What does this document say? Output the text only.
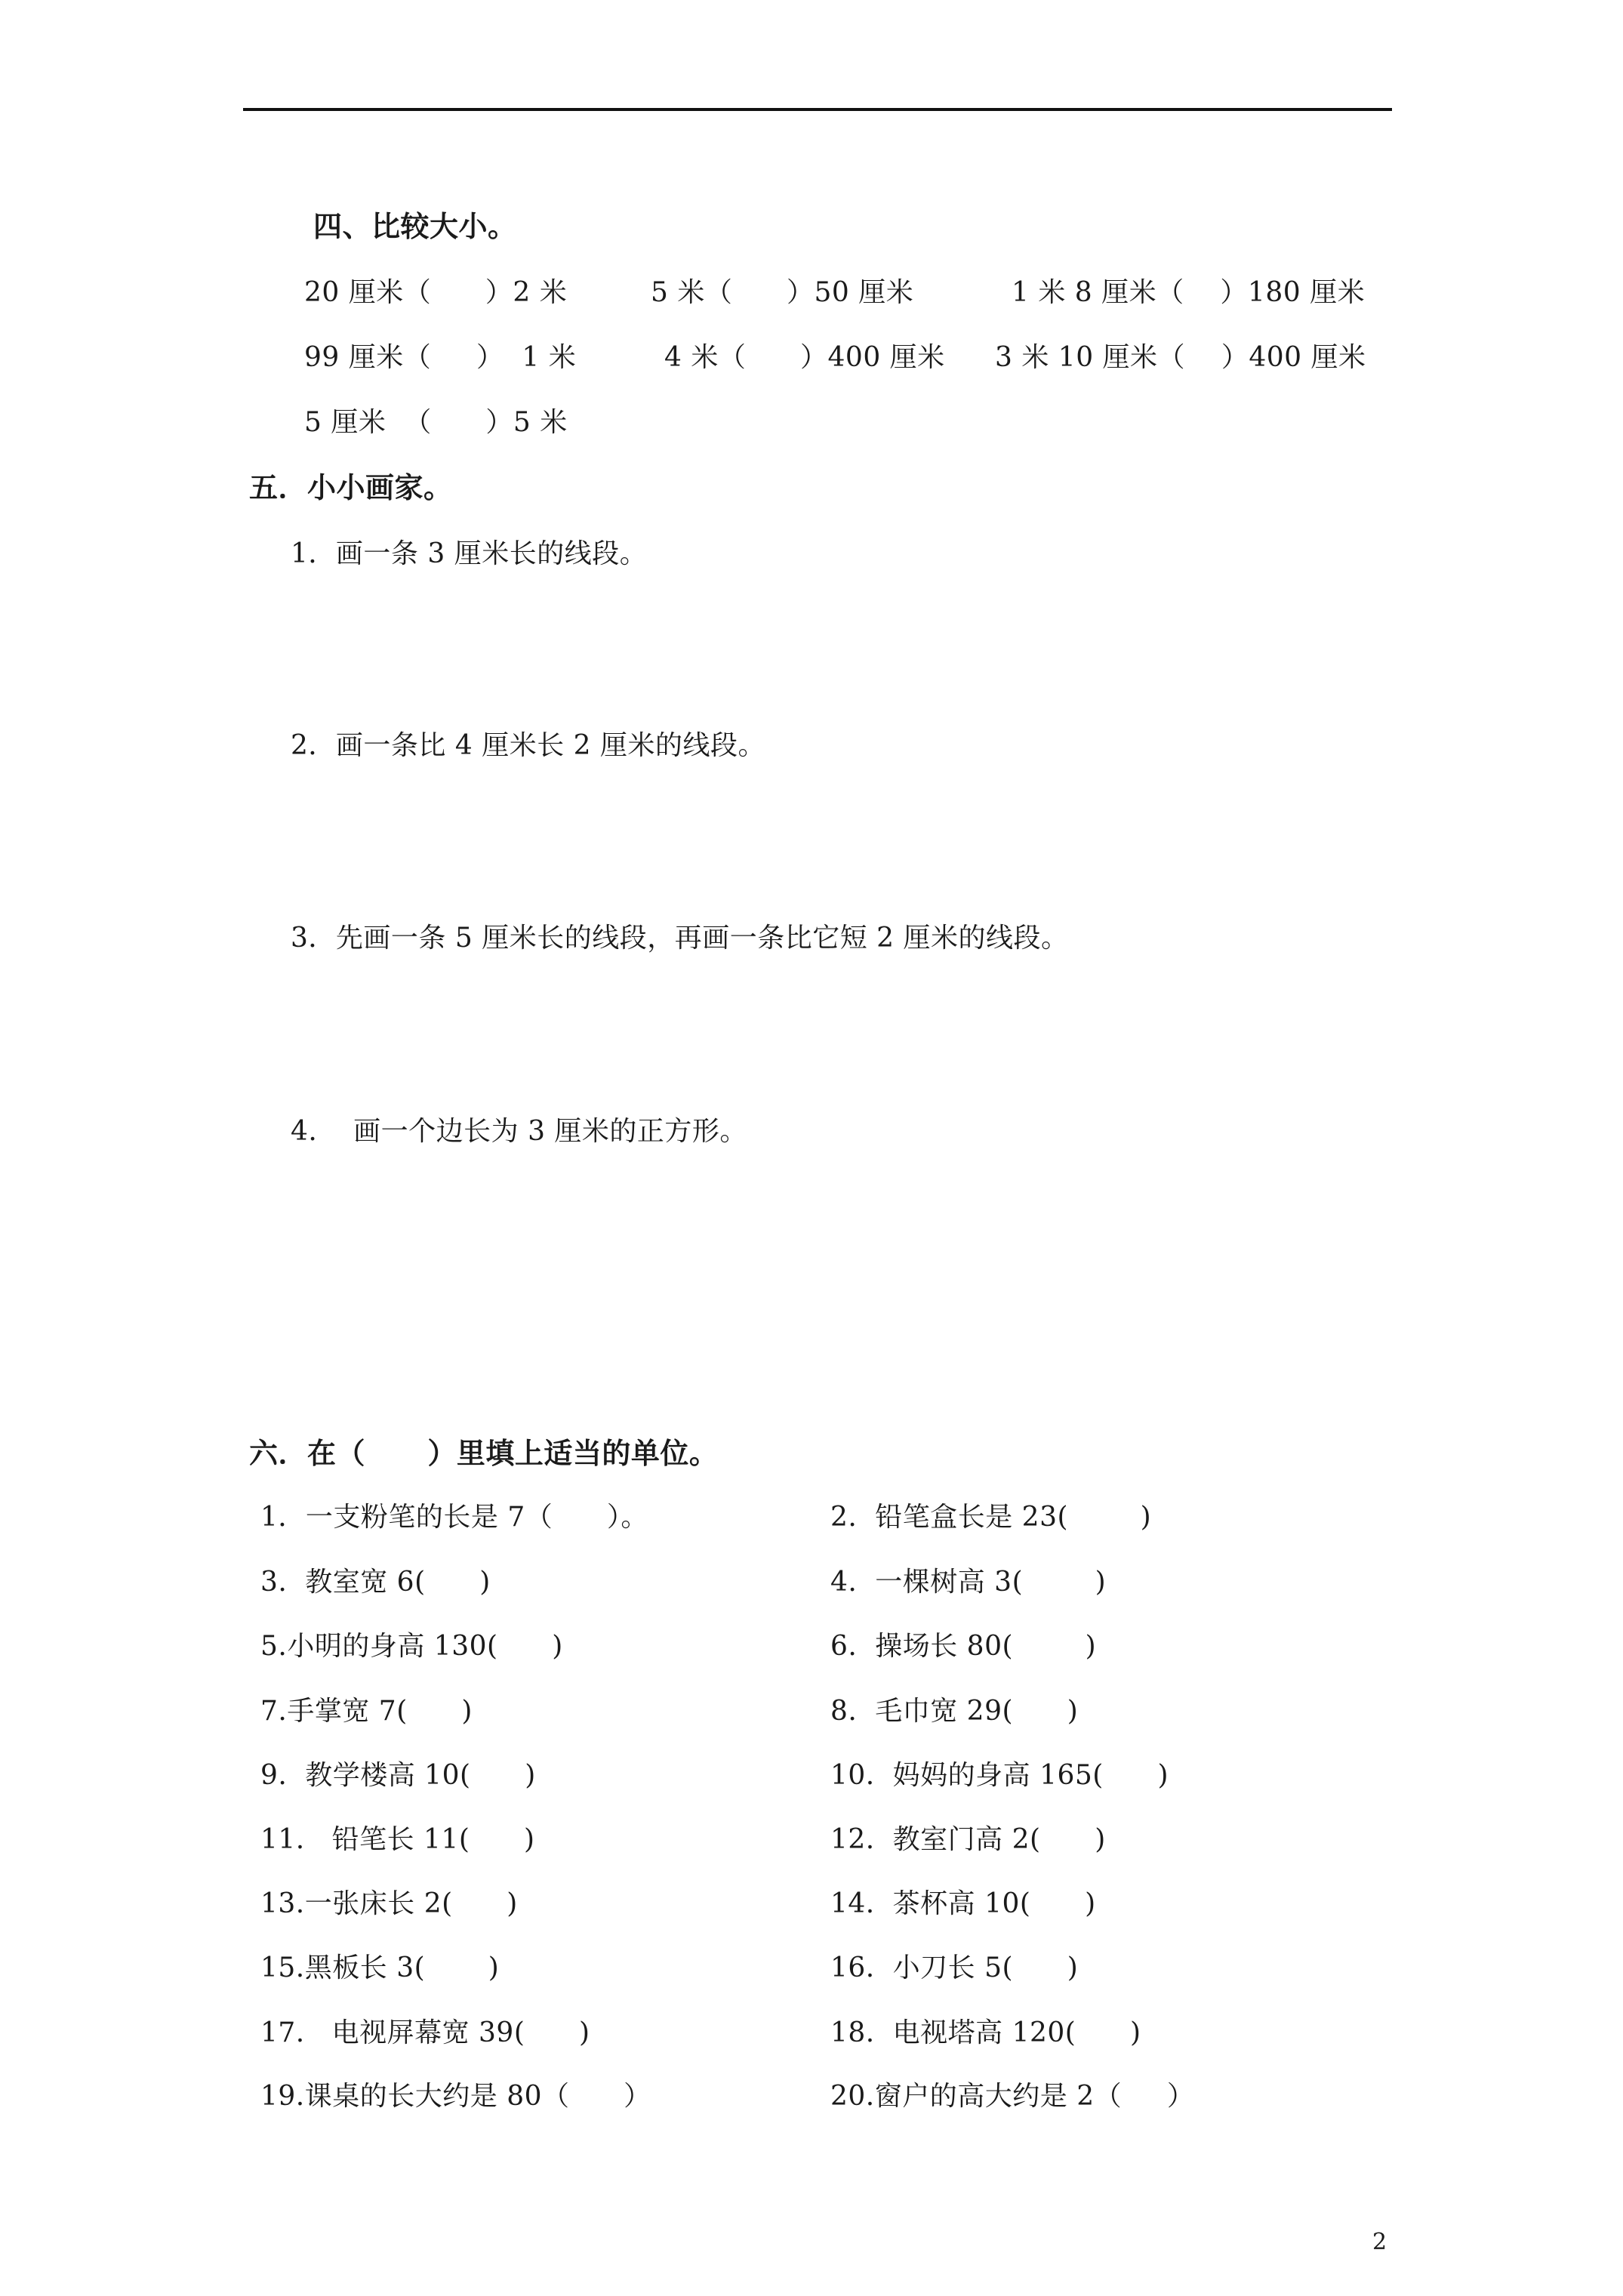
四、比较大小。
20 厘米（      ）2 米	5 米（      ）50 厘米	1 米 8 厘米（    ）180 厘米
99 厘米（     ）  1 米	4 米（      ）400 厘米 3 米 10 厘米（    ）400 厘米
5 厘米  （      ）5 米
五．小小画家。
1．画一条 3 厘米长的线段。
2．画一条比 4 厘米长 2 厘米的线段。
3．先画一条 5 厘米长的线段，再画一条比它短 2 厘米的线段。
4.    画一个边长为 3 厘米的正方形。
六．在（      ）里填上适当的单位。
1．一支粉笔的长是 7（      ）。
3.  教室宽 6(      )
5.小明的身高 130(      )
7.手掌宽 7(      )
9.  教学楼高 10(      )
11.   铅笔长 11(      )
13.一张床长 2(      )
15.黑板长 3(       )
17.   电视屏幕宽 39(      )
19.课桌的长大约是 80（      ）
2.  铅笔盒长是 23(        )
4.  一棵树高 3(        )
6.  操场长 80(        )
8.  毛巾宽 29(      )
10.  妈妈的身高 165(      )
12.  教室门高 2(      )
14.  茶杯高 10(      )
16.  小刀长 5(      )
18.  电视塔高 120(      )
20.窗户的高大约是 2（     ）
2
